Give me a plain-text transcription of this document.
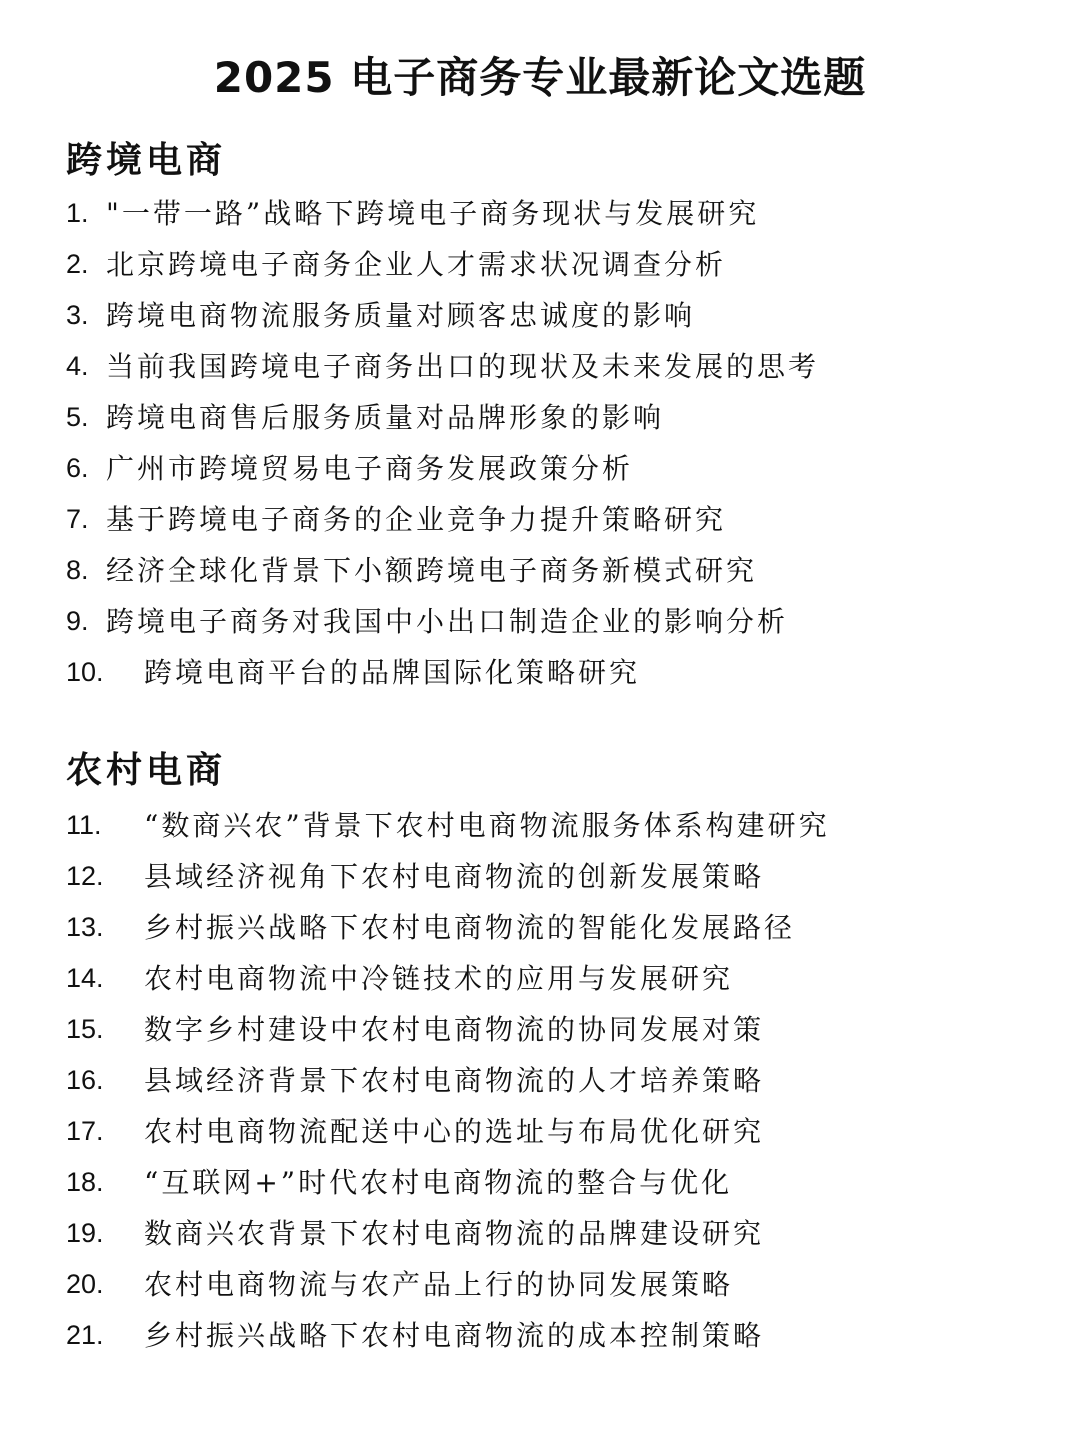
2025 电子商务专业最新论文选题
跨境电商
1. "一带一路”战略下跨境电子商务现状与发展研究
2. 北京跨境电子商务企业人才需求状况调查分析
3. 跨境电商物流服务质量对顾客忠诚度的影响
4. 当前我国跨境电子商务出口的现状及未来发展的思考
5. 跨境电商售后服务质量对品牌形象的影响
6. 广州市跨境贸易电子商务发展政策分析
7. 基于跨境电子商务的企业竞争力提升策略研究
8. 经济全球化背景下小额跨境电子商务新模式研究
9. 跨境电子商务对我国中小出口制造企业的影响分析
10.	跨境电商平台的品牌国际化策略研究
农村电商
11.	“数商兴农”背景下农村电商物流服务体系构建研究
12.	县域经济视角下农村电商物流的创新发展策略
13.	乡村振兴战略下农村电商物流的智能化发展路径
14.	农村电商物流中冷链技术的应用与发展研究
15.	数字乡村建设中农村电商物流的协同发展对策
16.	县域经济背景下农村电商物流的人才培养策略
17.	农村电商物流配送中心的选址与布局优化研究
18.	“互联网+”时代农村电商物流的整合与优化
19.	数商兴农背景下农村电商物流的品牌建设研究
20.	农村电商物流与农产品上行的协同发展策略
21.	乡村振兴战略下农村电商物流的成本控制策略
